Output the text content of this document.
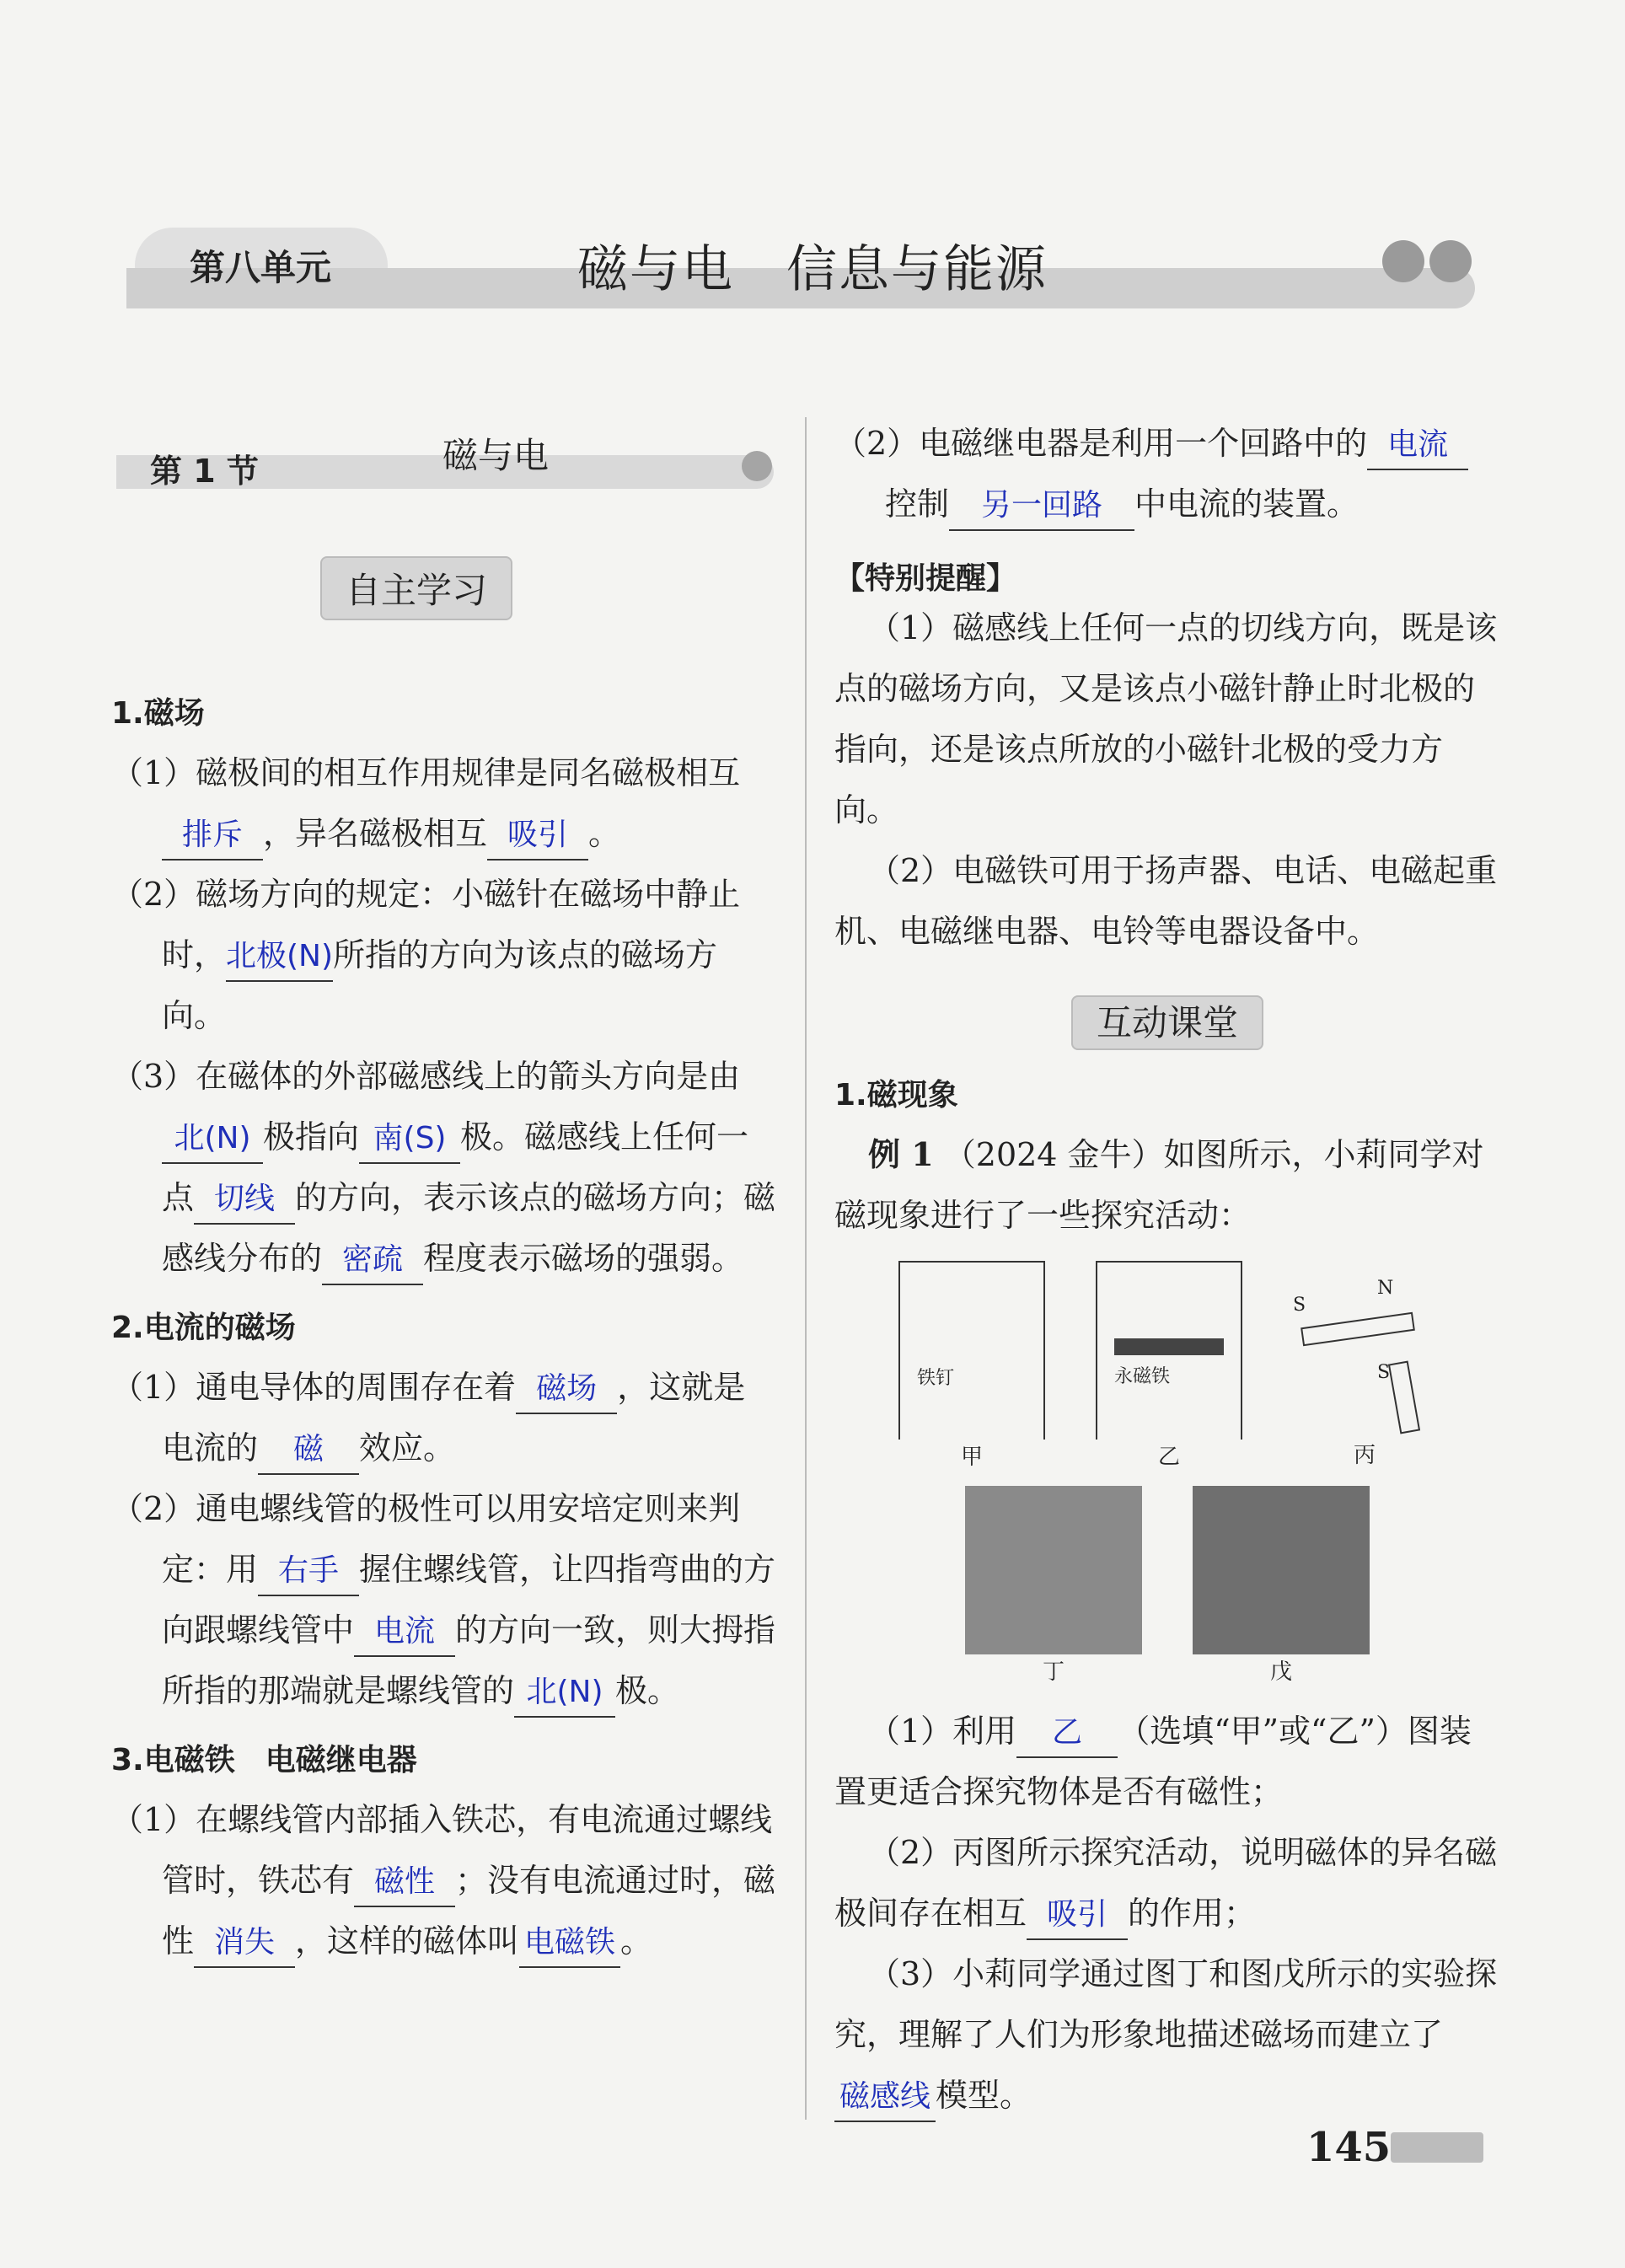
第八单元	磁与电　信息与能源
第 1 节	磁与电
自主学习
1.磁场

（1）磁极间的相互作用规律是同名磁极相互排斥 ，异名磁极相互 吸引 。

（2）磁场方向的规定：小磁针在磁场中静止时，北极(N)所指的方向为该点的磁场方向。

（3）在磁体的外部磁感线上的箭头方向是由北(N) 极指向 南(S) 极。磁感线上任何一点 切线 的方向，表示该点的磁场方向；磁感线分布的 密疏 程度表示磁场的强弱。

2.电流的磁场

（1）通电导体的周围存在着 磁场 ，这就是电流的 磁 效应。

（2）通电螺线管的极性可以用安培定则来判定：用 右手 握住螺线管，让四指弯曲的方向跟螺线管中 电流 的方向一致，则大拇指所指的那端就是螺线管的 北(N) 极。

3.电磁铁　电磁继电器

（1）在螺线管内部插入铁芯，有电流通过螺线管时，铁芯有 磁性 ；没有电流通过时，磁性 消失 ，这样的磁体叫 电磁铁 。

（2）电磁继电器是利用一个回路中的 电流控制 另一回路 中电流的装置。

【特别提醒】

（1）磁感线上任何一点的切线方向，既是该点的磁场方向，又是该点小磁针静止时北极的指向，还是该点所放的小磁针北极的受力方向。

（2）电磁铁可用于扬声器、电话、电磁起重机、电磁继电器、电铃等电器设备中。

互动课堂
1.磁现象

例 1 （2024 金牛）如图所示，小莉同学对磁现象进行了一些探究活动：

铁钉
甲
永磁铁
乙
S
N
S
丙
丁	戊

（1）利用 乙 （选填“甲”或“乙”）图装置更适合探究物体是否有磁性；

（2）丙图所示探究活动，说明磁体的异名磁极间存在相互 吸引 的作用；

（3）小莉同学通过图丁和图戊所示的实验探究，理解了人们为形象地描述磁场而建立了磁感线 模型。

145
